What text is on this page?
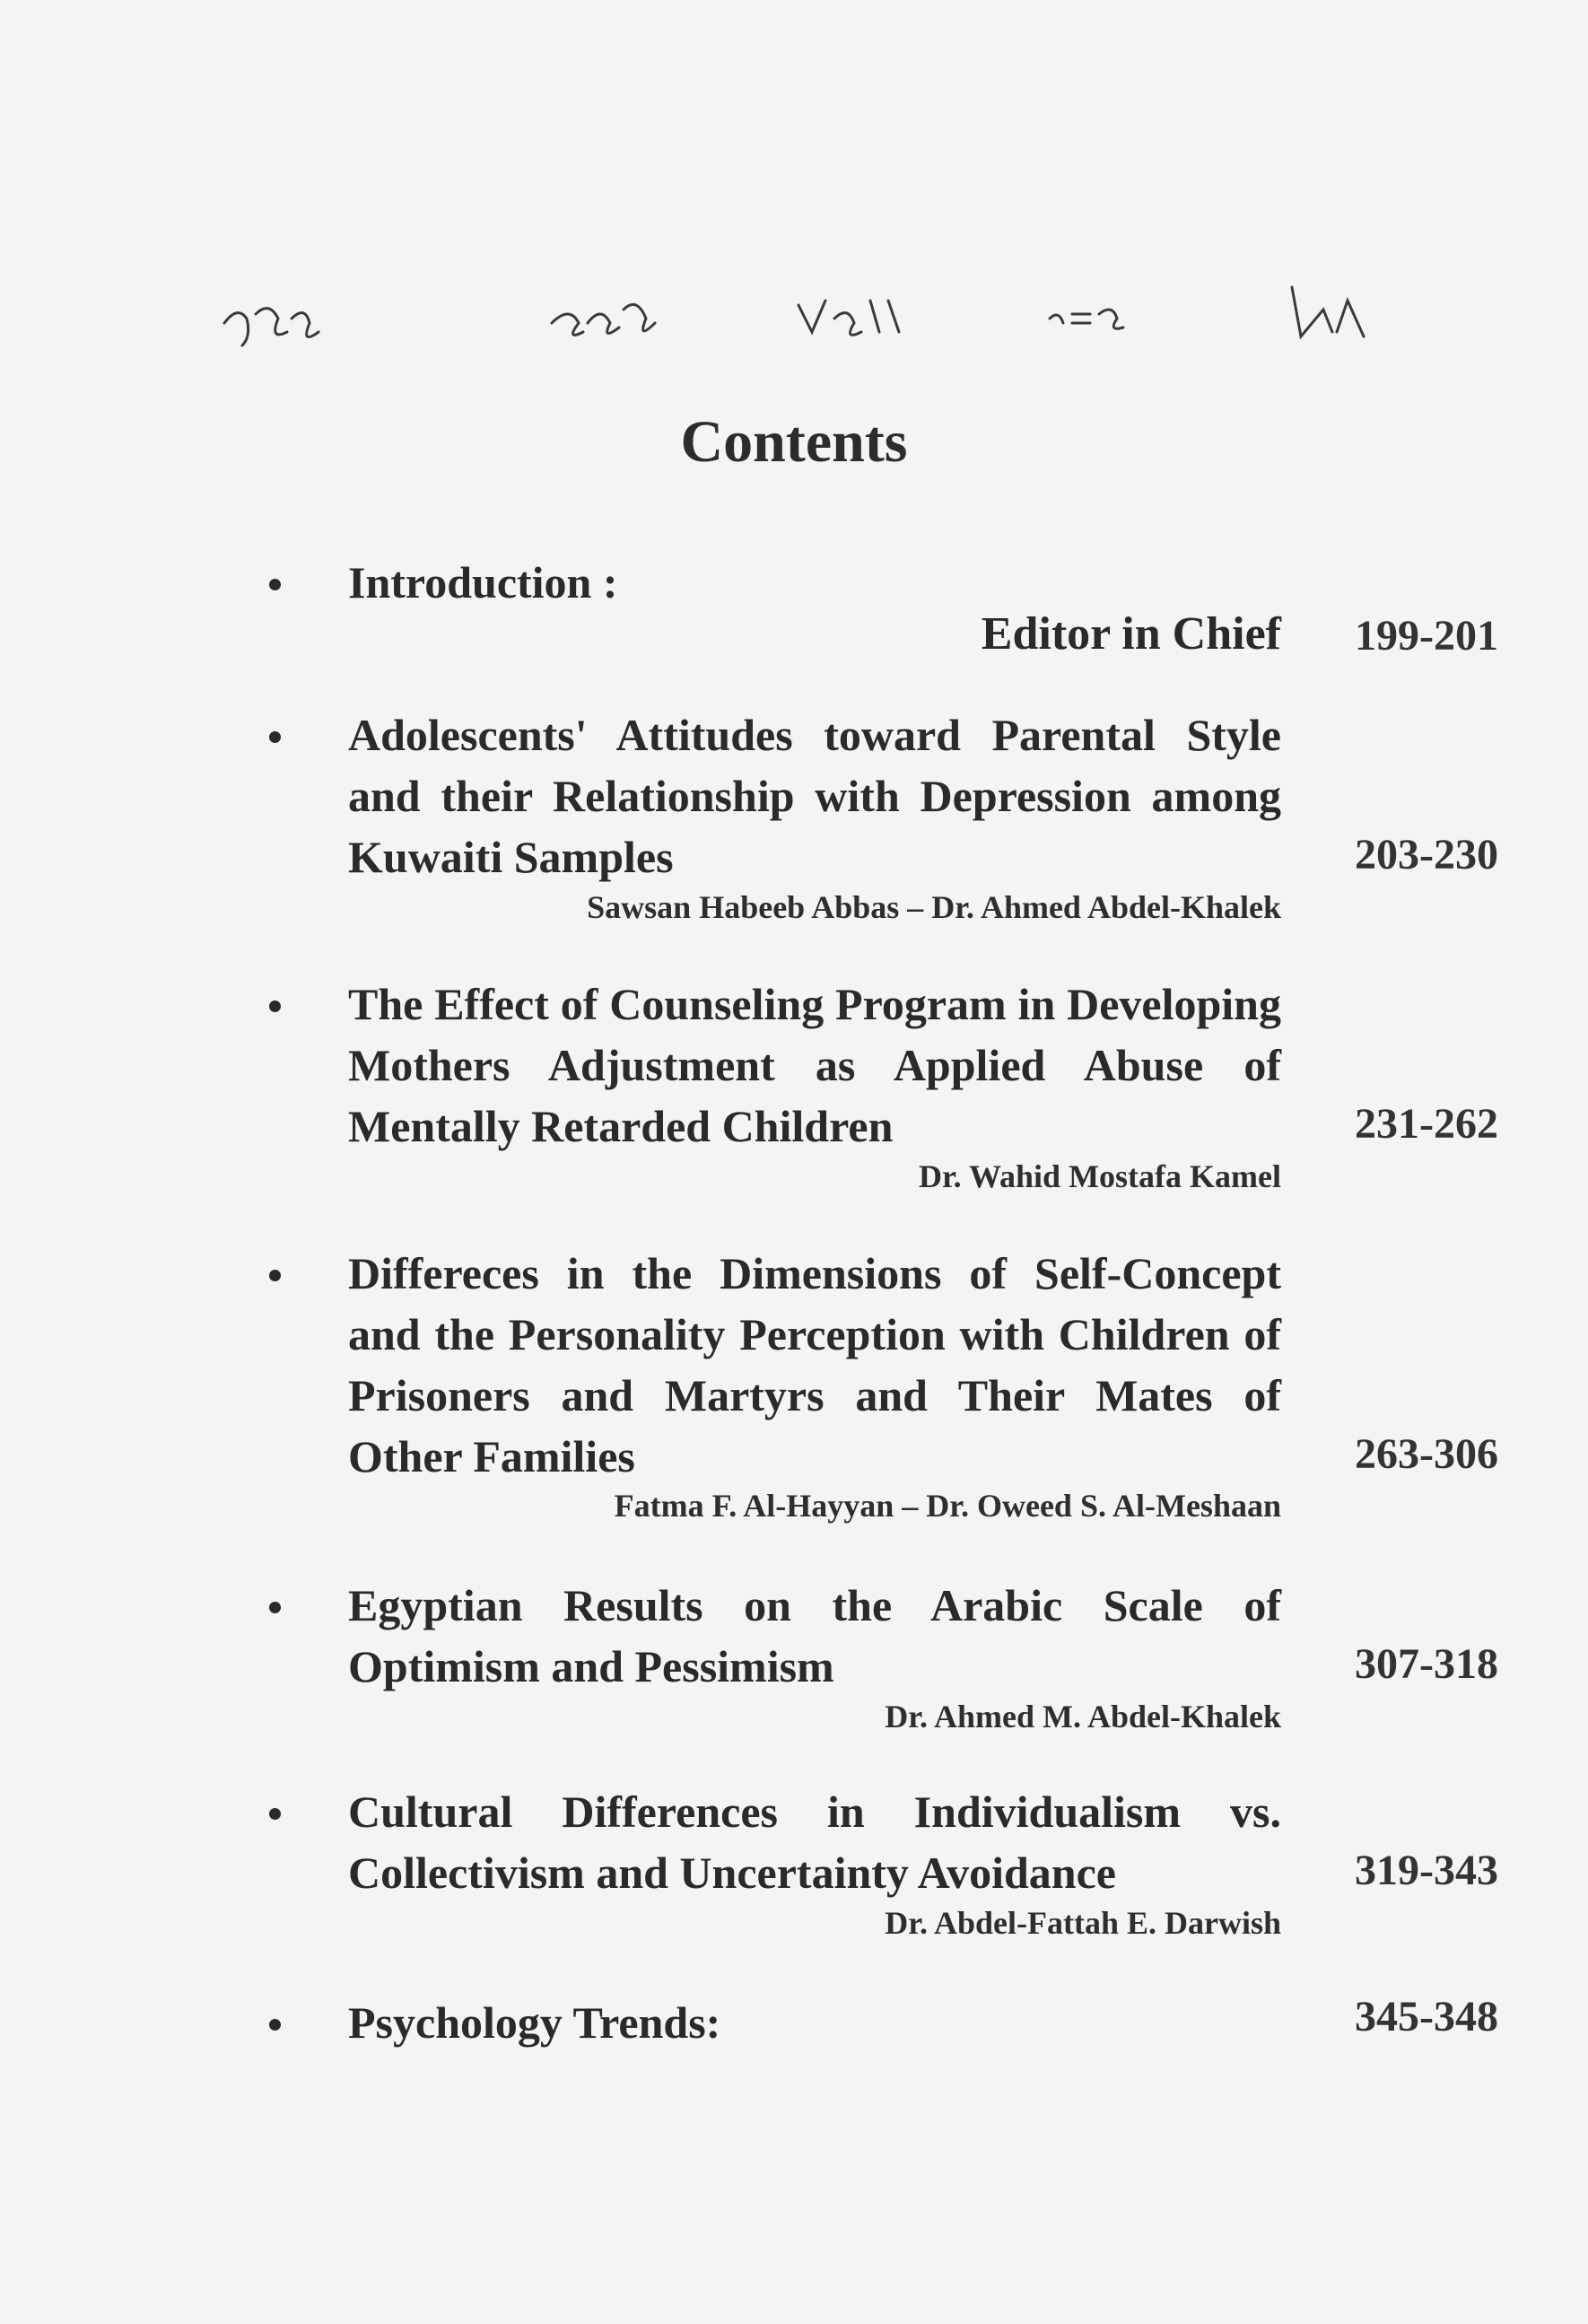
Contents

Introduction :

Editor in Chief	199-201

Adolescents' Attitudes toward Parental Style and their Relationship with Depression among Kuwaiti Samples	203-230
Sawsan Habeeb Abbas – Dr. Ahmed Abdel-Khalek

The Effect of Counseling Program in Developing Mothers Adjustment as Applied Abuse of Mentally Retarded Children	231-262
Dr. Wahid Mostafa Kamel

Differeces in the Dimensions of Self-Concept and the Personality Perception with Children of Prisoners and Martyrs and Their Mates of Other Families	263-306
Fatma F. Al-Hayyan – Dr. Oweed S. Al-Meshaan

Egyptian Results on the Arabic Scale of Optimism and Pessimism	307-318
Dr. Ahmed M. Abdel-Khalek

Cultural Differences in Individualism vs. Collectivism and Uncertainty Avoidance	319-343
Dr. Abdel-Fattah E. Darwish

Psychology Trends:	345-348
